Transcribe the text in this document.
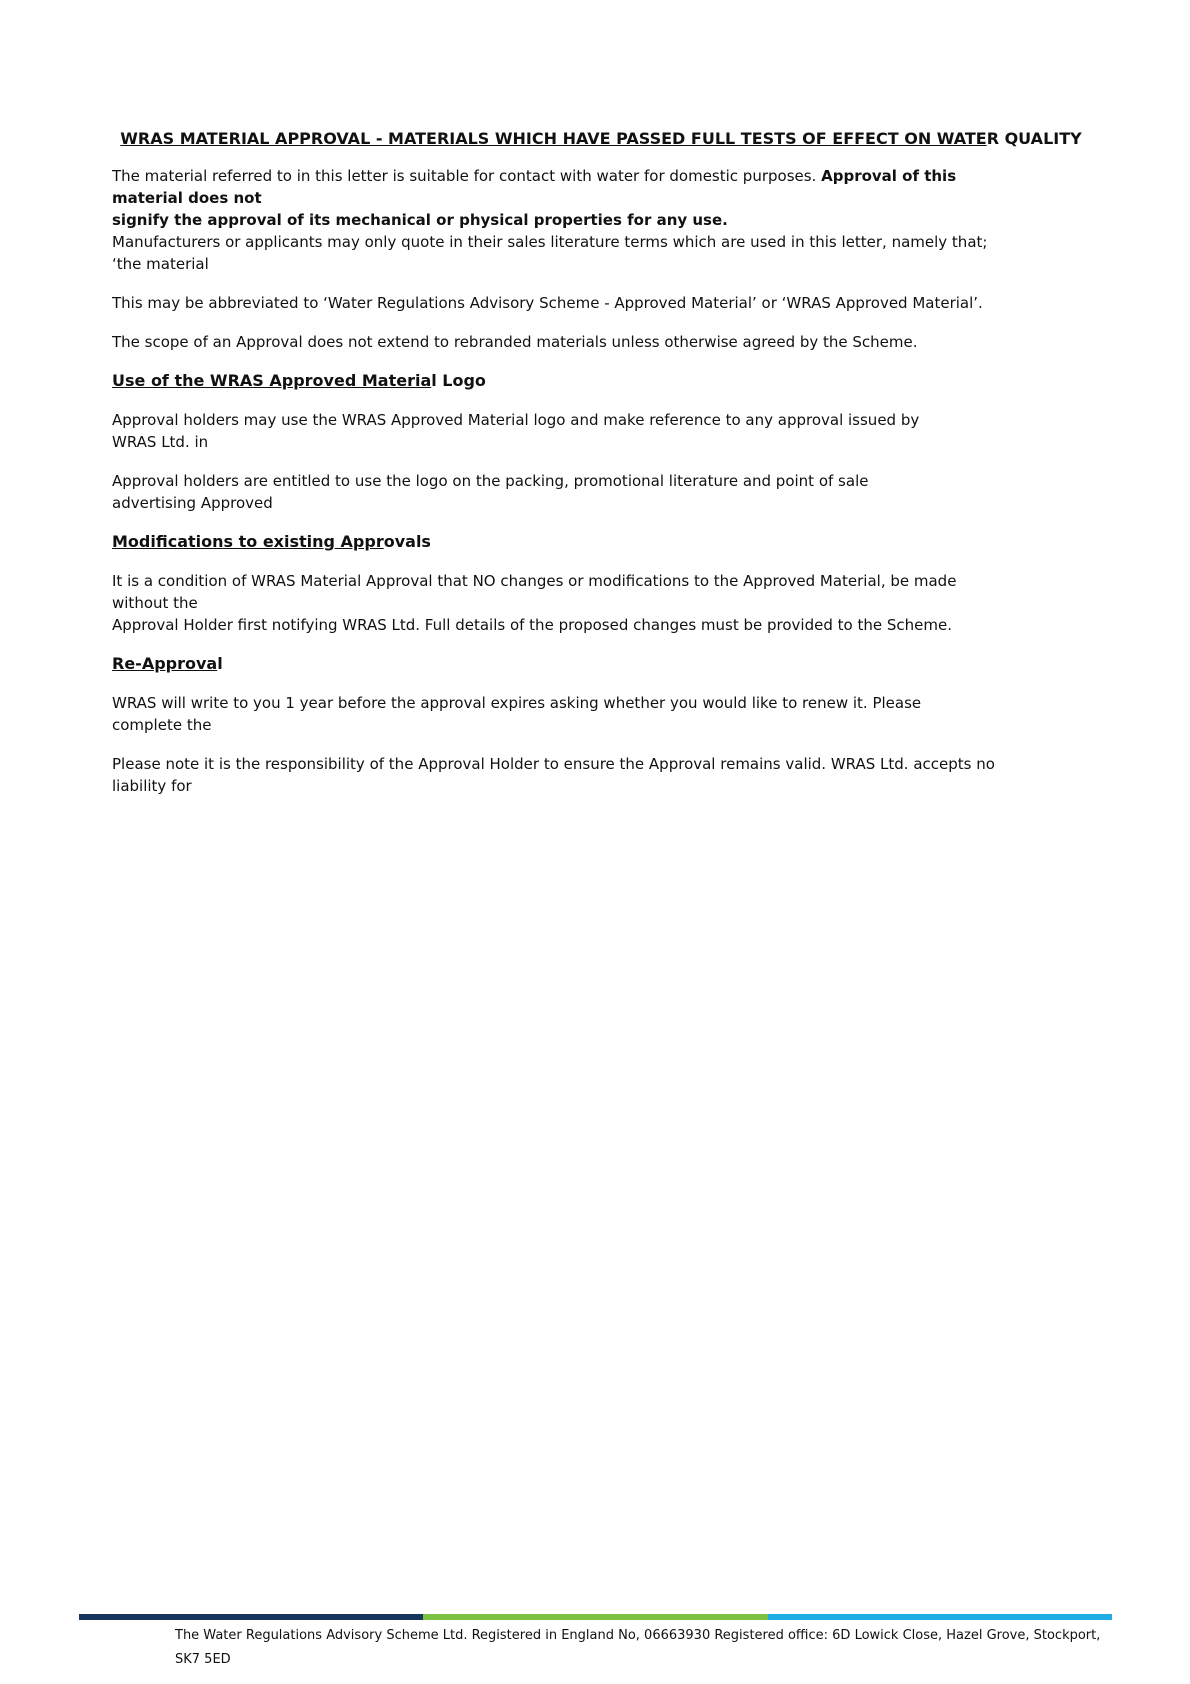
WRAS MATERIAL APPROVAL - MATERIALS WHICH HAVE PASSED FULL TESTS OF EFFECT ON WATER QUALITY
The material referred to in this letter is suitable for contact with water for domestic purposes. Approval of this
material does not
signify the approval of its mechanical or physical properties for any use.
Manufacturers or applicants may only quote in their sales literature terms which are used in this letter, namely that;
‘the material
This may be abbreviated to ‘Water Regulations Advisory Scheme - Approved Material’ or ‘WRAS Approved Material’.
The scope of an Approval does not extend to rebranded materials unless otherwise agreed by the Scheme.
Use of the WRAS Approved Material Logo
Approval holders may use the WRAS Approved Material logo and make reference to any approval issued by
WRAS Ltd. in
Approval holders are entitled to use the logo on the packing, promotional literature and point of sale
advertising Approved
Modifications to existing Approvals
It is a condition of WRAS Material Approval that NO changes or modifications to the Approved Material, be made
without the
Approval Holder first notifying WRAS Ltd. Full details of the proposed changes must be provided to the Scheme.
Re-Approval
WRAS will write to you 1 year before the approval expires asking whether you would like to renew it. Please
complete the
Please note it is the responsibility of the Approval Holder to ensure the Approval remains valid. WRAS Ltd. accepts no
liability for
The Water Regulations Advisory Scheme Ltd. Registered in England No, 06663930 Registered office: 6D Lowick Close, Hazel Grove, Stockport,
SK7 5ED
